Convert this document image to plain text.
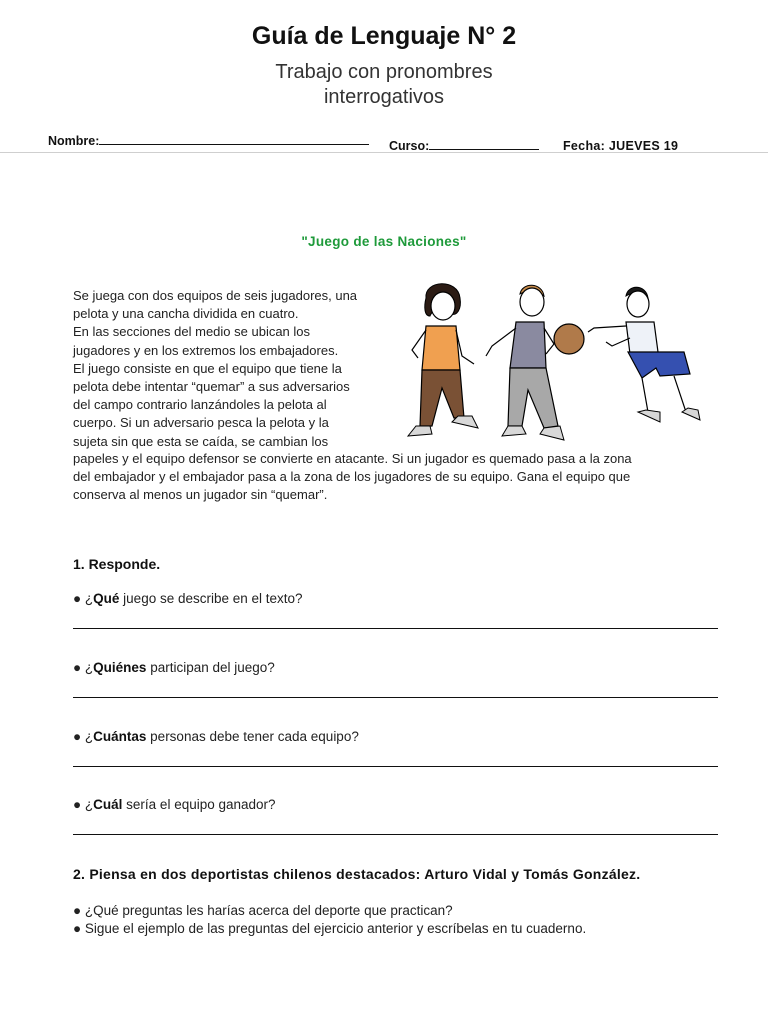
Guía de Lenguaje N° 2
Trabajo con pronombres
interrogativos
Nombre:	Curso:	Fecha: JUEVES 19
"Juego de las Naciones"
Se juega con dos equipos de seis jugadores, una
pelota y una cancha dividida en cuatro.
En las secciones del medio se ubican los
jugadores y en los extremos los embajadores.
El juego consiste en que el equipo que tiene la
pelota debe intentar “quemar” a sus adversarios
del campo contrario lanzándoles la pelota al
cuerpo. Si un adversario pesca la pelota y la
sujeta sin que esta se caída, se cambian los
papeles y el equipo defensor se convierte en atacante. Si un jugador es quemado pasa a la zona
del embajador y el embajador pasa a la zona de los jugadores de su equipo. Gana el equipo que
conserva al menos un jugador sin “quemar”.
1. Responde.
● ¿Qué juego se describe en el texto?
● ¿Quiénes participan del juego?
● ¿Cuántas personas debe tener cada equipo?
● ¿Cuál sería el equipo ganador?
2. Piensa en dos deportistas chilenos destacados: Arturo Vidal y Tomás González.
● ¿Qué preguntas les harías acerca del deporte que practican?
● Sigue el ejemplo de las preguntas del ejercicio anterior y escríbelas en tu cuaderno.
